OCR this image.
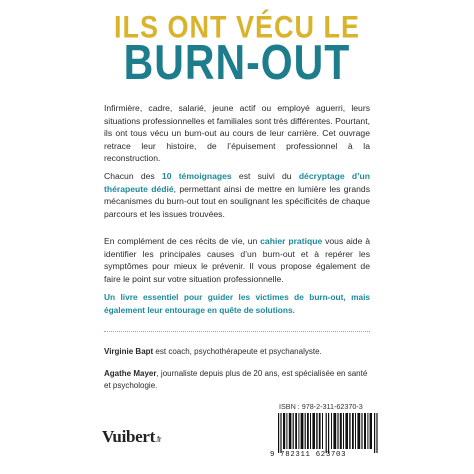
ILS ONT VÉCU LE
BURN-OUT
Infirmière, cadre, salarié, jeune actif ou employé aguerri, leurs situations professionnelles et familiales sont très différentes. Pourtant, ils ont tous vécu un burn-out au cours de leur carrière. Cet ouvrage retrace leur histoire, de l’épuisement professionnel à la reconstruction.
Chacun des 10 témoignages est suivi du décryptage d’un thérapeute dédié, permettant ainsi de mettre en lumière les grands mécanismes du burn-out tout en soulignant les spécificités de chaque parcours et les issues trouvées.
En complément de ces récits de vie, un cahier pratique vous aide à identifier les principales causes d’un burn-out et à repérer les symptômes pour mieux le prévenir. Il vous propose également de faire le point sur votre situation professionnelle.
Un livre essentiel pour guider les victimes de burn-out, mais également leur entourage en quête de solutions.
Virginie Bapt est coach, psychothérapeute et psychanalyste.
Agathe Mayer, journaliste depuis plus de 20 ans, est spécialisée en santé et psychologie.
Vuibert.fr
ISBN : 978-2-311-62370-3
9 782311 623703
